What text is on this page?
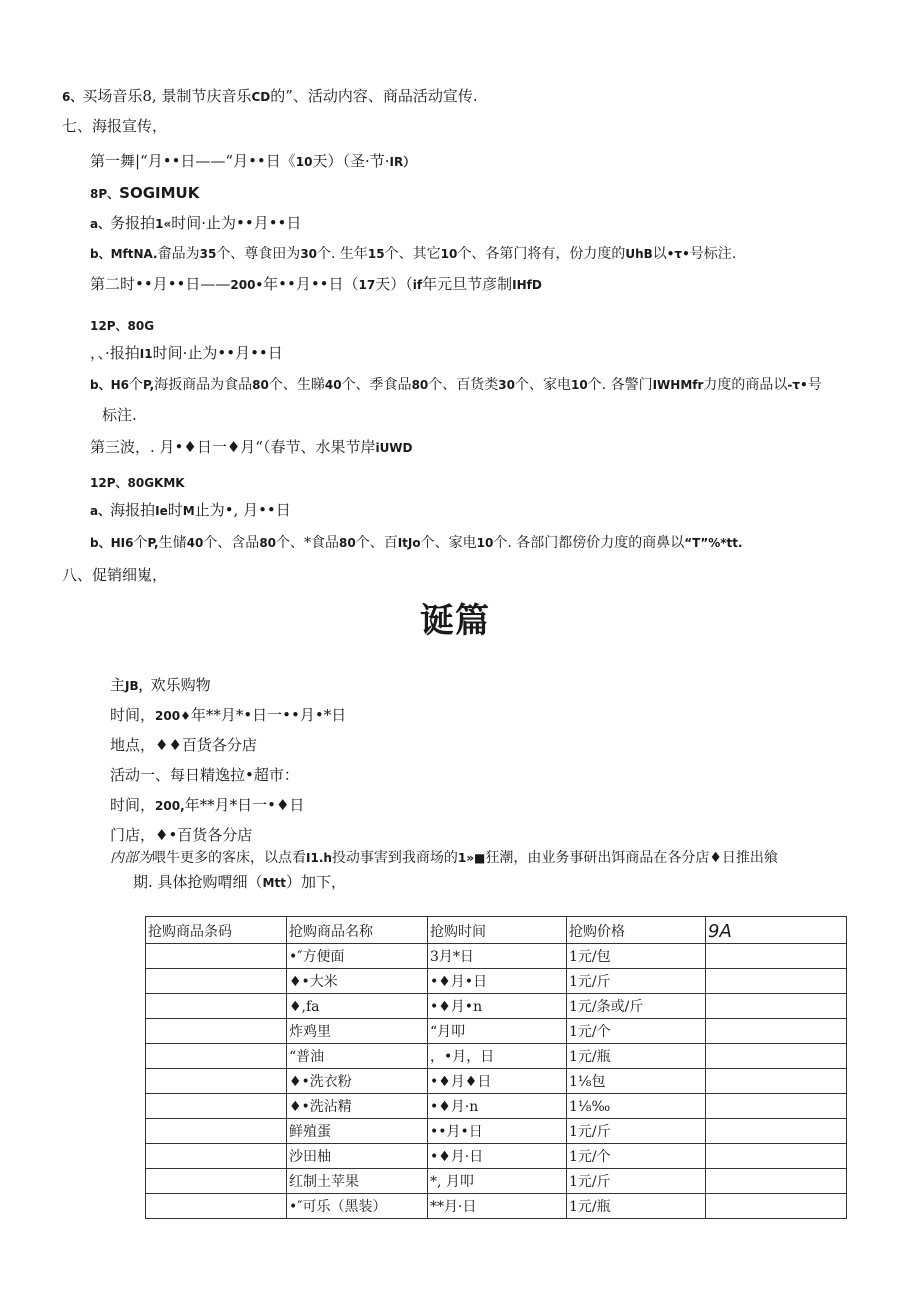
6、买场音乐8, 景制节庆音乐CD的”、活动内容、商品活动宣传.
七、海报宣传，
第一舞|“月••日——“月••日《10天）（圣·节·IR）
8P、SOGIMUK
a、务报拍1«时间·止为••月••日
b、MftNA.畲品为35个、尊食田为30个. 生年15个、其它10个、各第门将有，份力度的UhB以•τ•号标注.
第二时••月••日——200•年••月••日（17天）（if年元旦节彦制IHfD
12P、80G
，、·报拍I1时间·止为••月••日
b、H6个P,海扳商品为食品80个、生睇40个、季食品80个、百货类30个、家电10个. 各警门IWHMfr力度的商品以-τ•号
标注.
第三波，. 月•♦日一♦月“（春节、水果节岸iUWD
12P、80GKMK
a、海报拍Ie时M止为•, 月••日
b、HI6个P,生储40个、含品80个、*食品80个、百ItJo个、家电10个. 各部门都傍价力度的商鼻以“T”%*tt.
八、促销细嵬，
诞篇
主JB，欢乐购物
时间，200♦年**月*•日一••月•*日
地点，♦♦百货各分店
活动一、每日精逸拉•超市：
时间，200,年**月*日一•♦日
门店，♦•百货各分店
内部为喂牛更多的客床，以点看I1.h投动事害到我商场的1»■狂潮，由业务事研出饵商品在各分店♦日推出飨
期. 具体抢购喟细（Mtt）加下，
抢购商品条码	抢购商品名称	抢购时间	抢购价格	9A
	•″方便面	3月*日	1元/包	
	♦•大米	•♦月•日	1元/斤	
	♦,fa	•♦月•n	1元/条或/斤	
	炸鸡里	“月叩	1元/个	
	“普油	，•月，日	1元/瓶	
	♦•洗衣粉	•♦月♦日	1⅛包	
	♦•洗沾精	•♦月·n	1⅛‰	
	鲜殖蛋	••月•日	1元/斤	
	沙田柚	•♦月·日	1元/个	
	红制土苹果	*, 月叩	1元/斤	
	•″可乐（黑装）	**月·日	1元/瓶	
